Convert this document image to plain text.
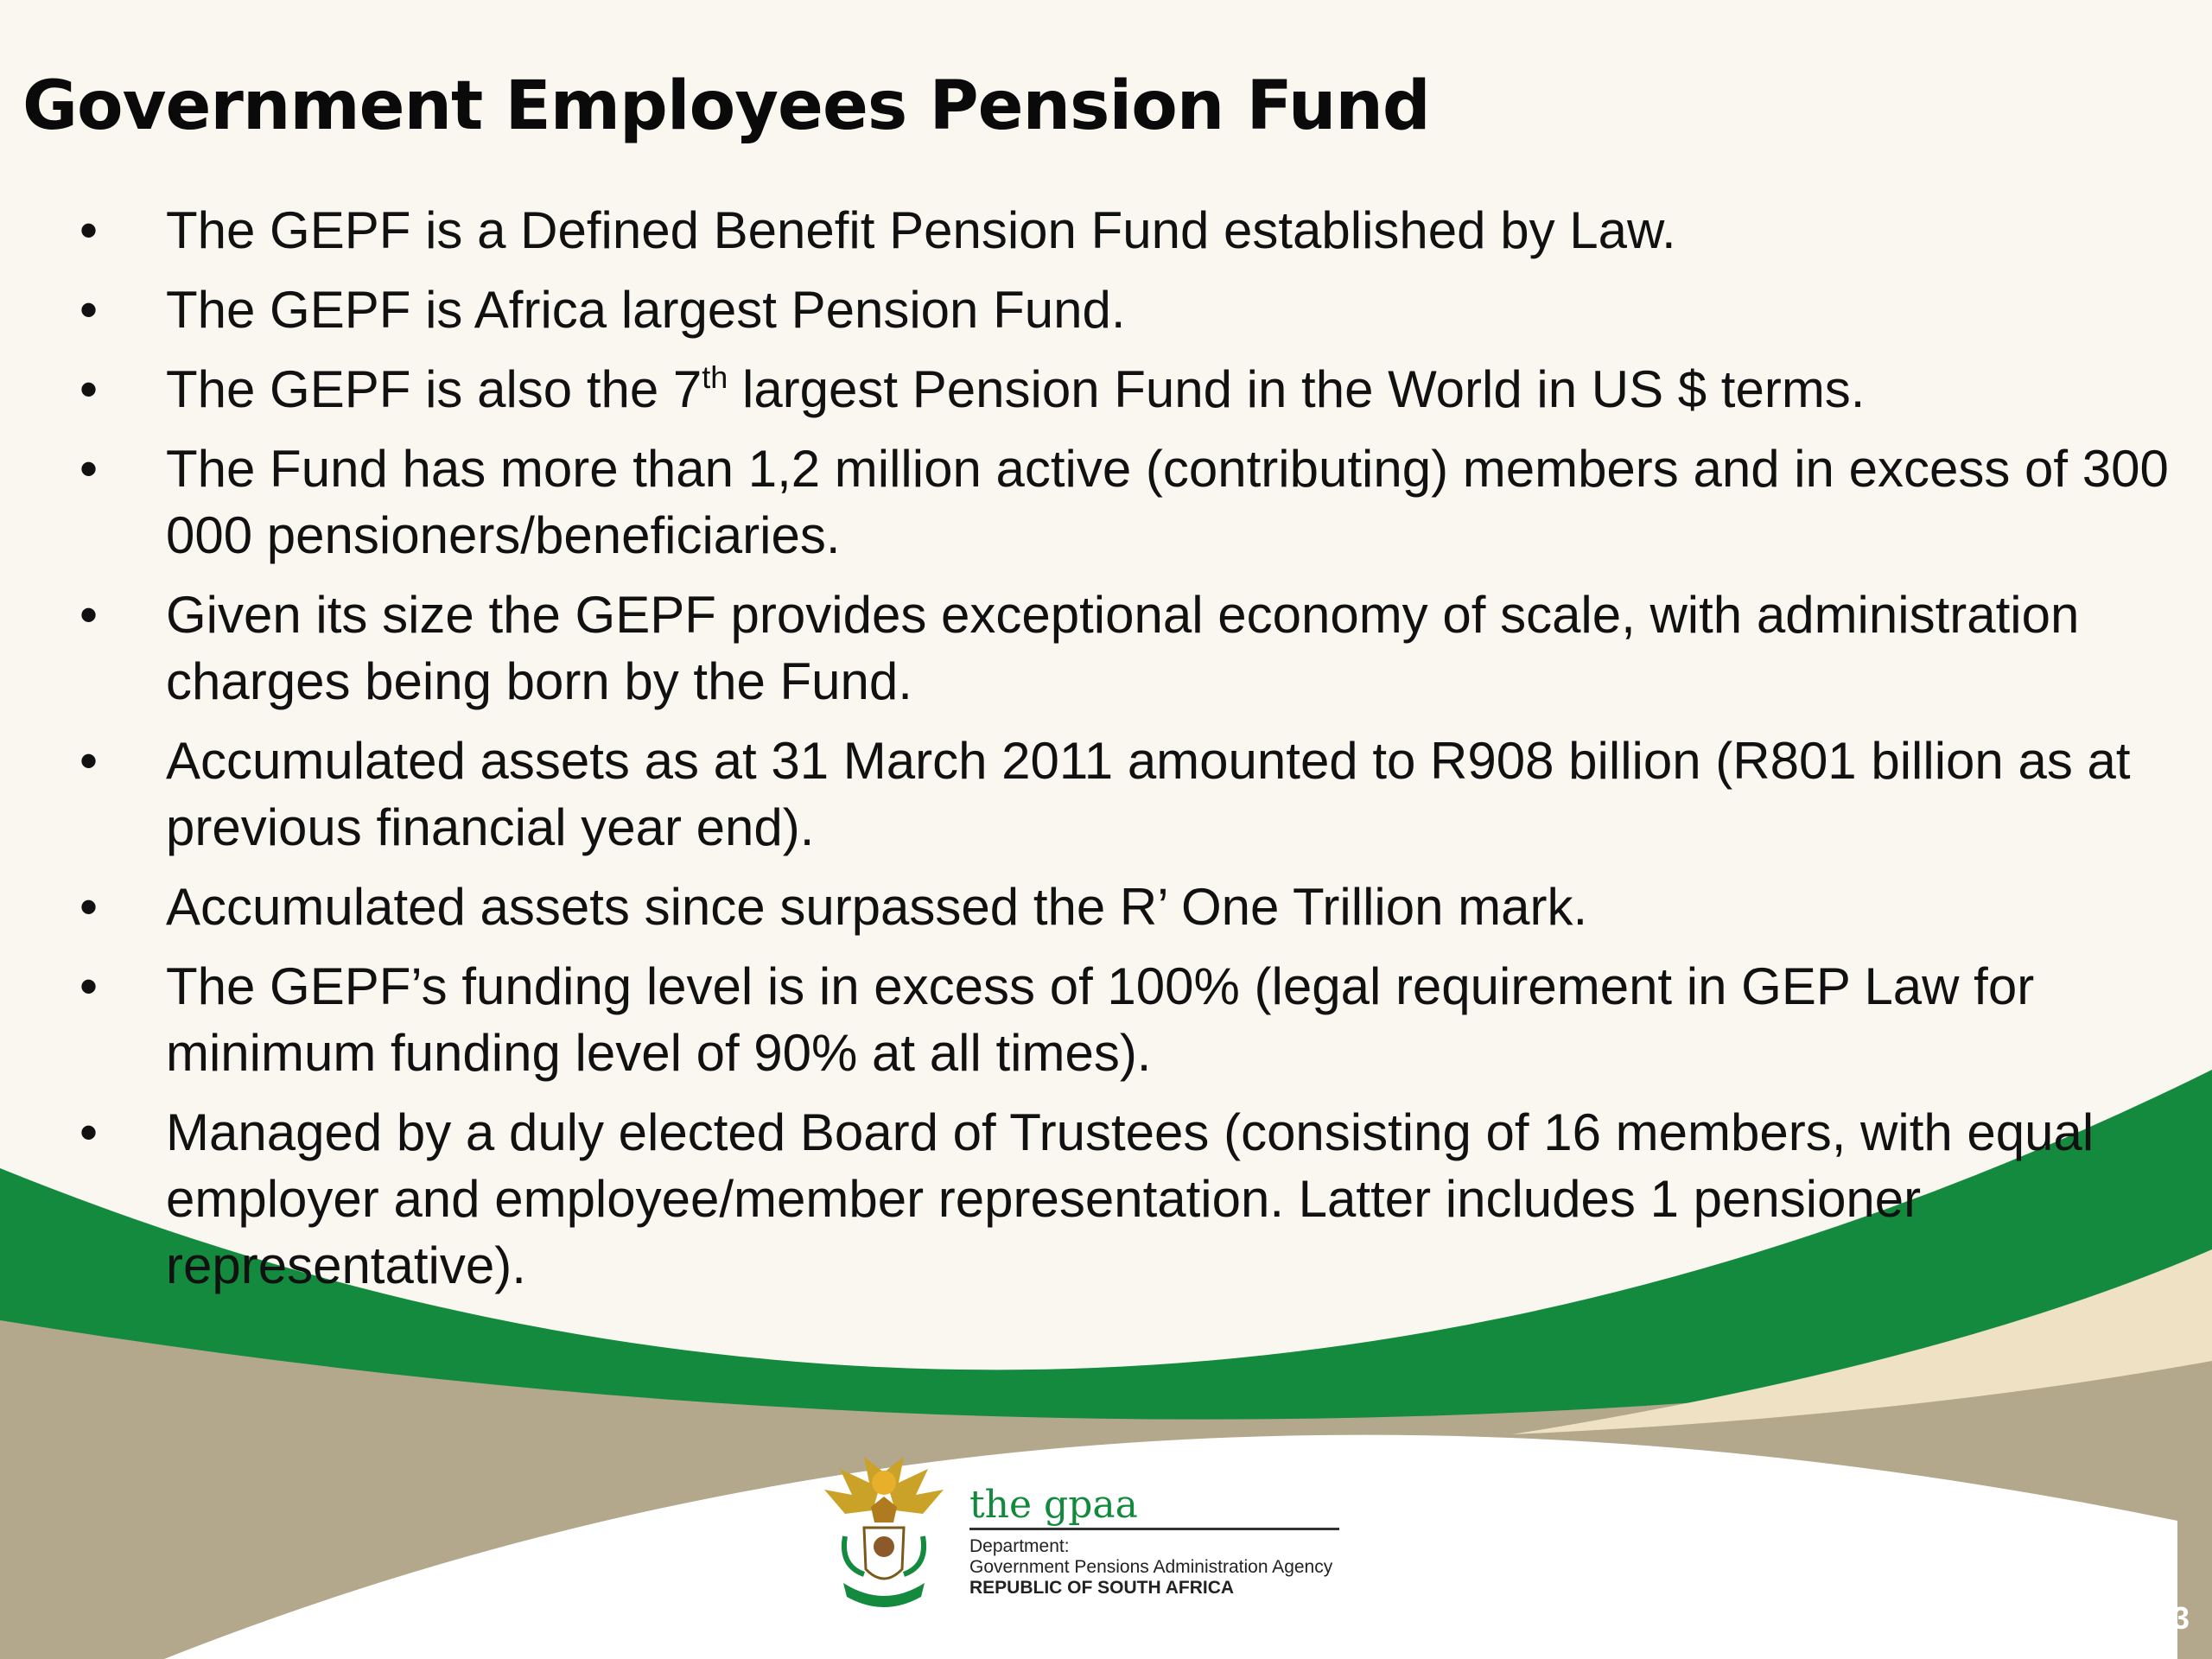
Government Employees Pension Fund
• The GEPF is a Defined Benefit Pension Fund established by Law.
• The GEPF is Africa largest Pension Fund.
• The GEPF is also the 7th largest Pension Fund in the World in US $ terms.
• The Fund has more than 1,2 million active (contributing) members and in excess of 300 000 pensioners/beneficiaries.
• Given its size the GEPF provides exceptional economy of scale, with administration charges being born by the Fund.
• Accumulated assets as at 31 March 2011 amounted to R908 billion (R801 billion as at previous financial year end).
• Accumulated assets since surpassed the R’ One Trillion mark.
• The GEPF’s funding level is in excess of 100% (legal requirement in GEP Law for minimum funding level of 90% at all times).
• Managed by a duly elected Board of Trustees (consisting of 16 members, with equal employer and employee/member representation. Latter includes 1 pensioner representative).
the gpaa
Department:
Government Pensions Administration Agency
REPUBLIC OF SOUTH AFRICA
3
